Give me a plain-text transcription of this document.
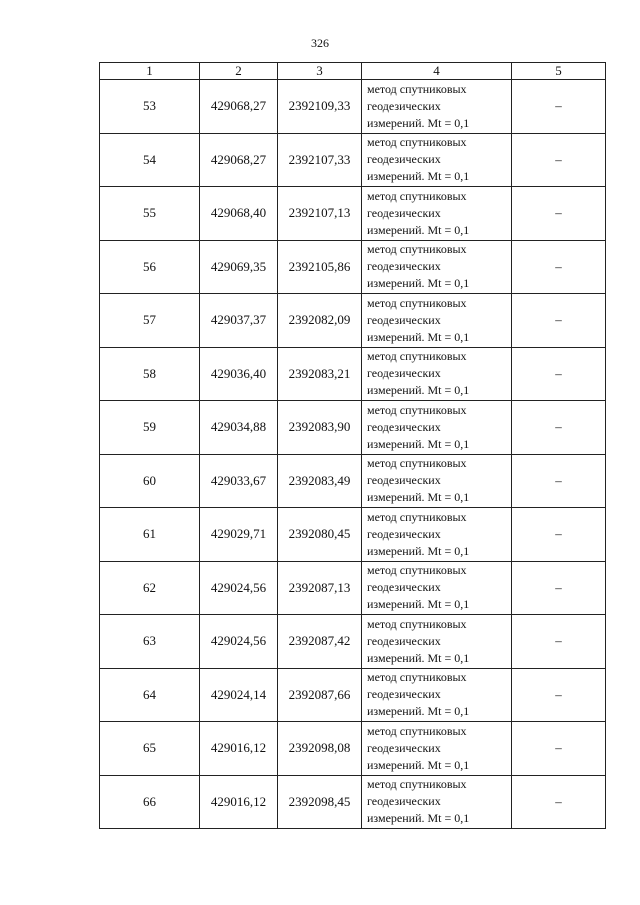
326
1	2	3	4	5
53	429068,27	2392109,33	метод спутниковых
геодезических
измерений. Mt = 0,1	–
54	429068,27	2392107,33	метод спутниковых
геодезических
измерений. Mt = 0,1	–
55	429068,40	2392107,13	метод спутниковых
геодезических
измерений. Mt = 0,1	–
56	429069,35	2392105,86	метод спутниковых
геодезических
измерений. Mt = 0,1	–
57	429037,37	2392082,09	метод спутниковых
геодезических
измерений. Mt = 0,1	–
58	429036,40	2392083,21	метод спутниковых
геодезических
измерений. Mt = 0,1	–
59	429034,88	2392083,90	метод спутниковых
геодезических
измерений. Mt = 0,1	–
60	429033,67	2392083,49	метод спутниковых
геодезических
измерений. Mt = 0,1	–
61	429029,71	2392080,45	метод спутниковых
геодезических
измерений. Mt = 0,1	–
62	429024,56	2392087,13	метод спутниковых
геодезических
измерений. Mt = 0,1	–
63	429024,56	2392087,42	метод спутниковых
геодезических
измерений. Mt = 0,1	–
64	429024,14	2392087,66	метод спутниковых
геодезических
измерений. Mt = 0,1	–
65	429016,12	2392098,08	метод спутниковых
геодезических
измерений. Mt = 0,1	–
66	429016,12	2392098,45	метод спутниковых
геодезических
измерений. Mt = 0,1	–
